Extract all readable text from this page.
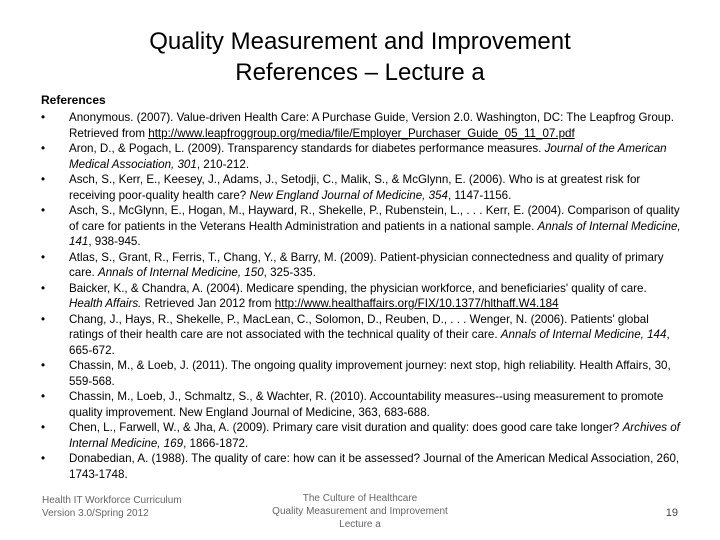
Quality Measurement and Improvement
References – Lecture a
References
•	Anonymous. (2007). Value-driven Health Care: A Purchase Guide, Version 2.0. Washington, DC: The Leapfrog Group. Retrieved from http://www.leapfroggroup.org/media/file/Employer_Purchaser_Guide_05_11_07.pdf
•	Aron, D., & Pogach, L. (2009). Transparency standards for diabetes performance measures. Journal of the American Medical Association, 301, 210-212.
•	Asch, S., Kerr, E., Keesey, J., Adams, J., Setodji, C., Malik, S., & McGlynn, E. (2006). Who is at greatest risk for receiving poor-quality health care? New England Journal of Medicine, 354, 1147-1156.
•	Asch, S., McGlynn, E., Hogan, M., Hayward, R., Shekelle, P., Rubenstein, L., . . . Kerr, E. (2004). Comparison of quality of care for patients in the Veterans Health Administration and patients in a national sample. Annals of Internal Medicine, 141, 938-945.
•	Atlas, S., Grant, R., Ferris, T., Chang, Y., & Barry, M. (2009). Patient-physician connectedness and quality of primary care. Annals of Internal Medicine, 150, 325-335.
•	Baicker, K., & Chandra, A. (2004). Medicare spending, the physician workforce, and beneficiaries' quality of care. Health Affairs. Retrieved Jan 2012 from http://www.healthaffairs.org/FIX/10.1377/hlthaff.W4.184
•	Chang, J., Hays, R., Shekelle, P., MacLean, C., Solomon, D., Reuben, D., . . . Wenger, N. (2006). Patients' global ratings of their health care are not associated with the technical quality of their care. Annals of Internal Medicine, 144, 665-672.
•	Chassin, M., & Loeb, J. (2011). The ongoing quality improvement journey: next stop, high reliability. Health Affairs, 30, 559-568.
•	Chassin, M., Loeb, J., Schmaltz, S., & Wachter, R. (2010). Accountability measures--using measurement to promote quality improvement. New England Journal of Medicine, 363, 683-688.
•	Chen, L., Farwell, W., & Jha, A. (2009). Primary care visit duration and quality: does good care take longer? Archives of Internal Medicine, 169, 1866-1872.
•	Donabedian, A. (1988). The quality of care: how can it be assessed? Journal of the American Medical Association, 260, 1743-1748.
Health IT Workforce Curriculum
Version 3.0/Spring 2012
The Culture of Healthcare
Quality Measurement and Improvement
Lecture a
19
